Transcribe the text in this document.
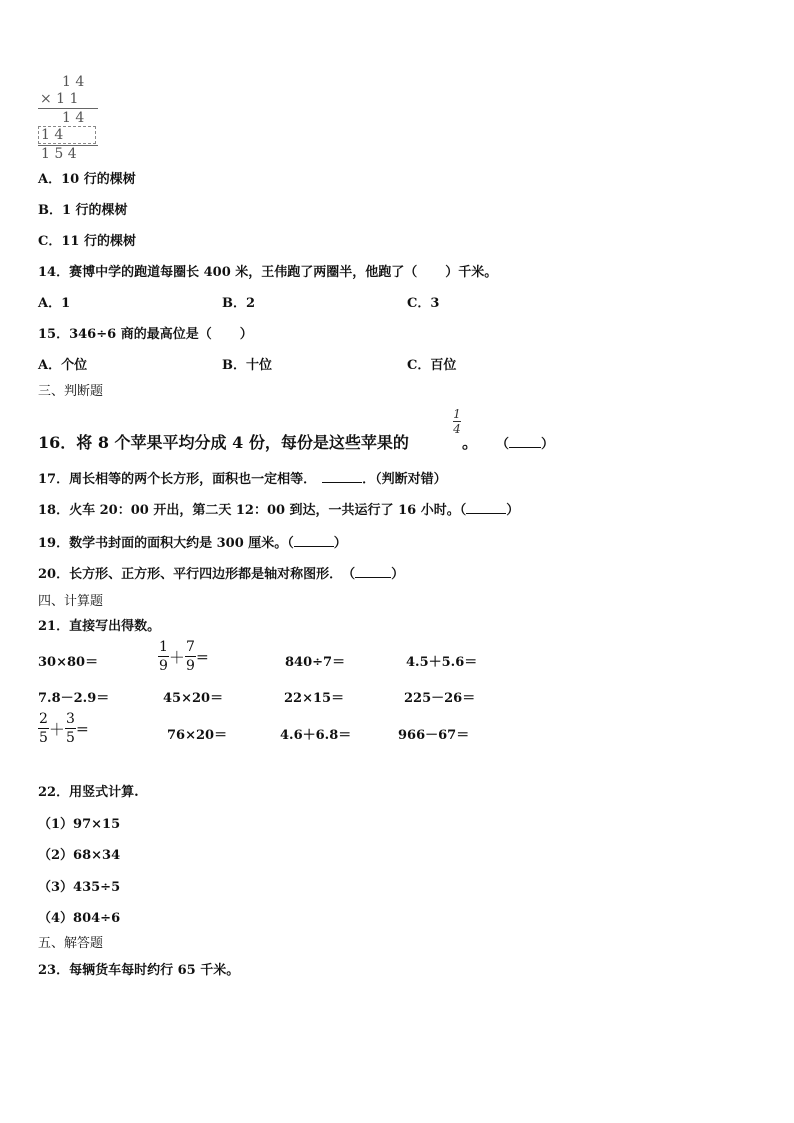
1 4
× 1 1
1 4
1 4
1 5 4
A．10 行的棵树
B．1 行的棵树
C．11 行的棵树
14．赛博中学的跑道每圈长 400 米，王伟跑了两圈半，他跑了（ ）千米。
A．1	B．2	C．3
15．346÷6 商的最高位是（ ）
A．个位	B．十位	C．百位
三、判断题
16．将 8 个苹果平均分成 4 份，每份是这些苹果的
1
4
。 （ ）
17．周长相等的两个长方形，面积也一定相等．	．（判断对错）
18．火车 20：00 开出，第二天 12：00 到达，一共运行了 16 小时。（	）
19．数学书封面的面积大约是 300 厘米。（	）
20．长方形、正方形、平行四边形都是轴对称图形．　（	）
四、计算题
21．直接写出得数。
30×80＝	$\frac{1}{9} + \frac{7}{9}$ ＝	840÷7＝	4.5＋5.6＝
7.8－2.9＝	45×20＝	22×15＝	225－26＝
$\frac{2}{5} + \frac{3}{5}$ ＝	76×20＝	4.6＋6.8＝	966－67＝
22．用竖式计算.
（1）97×15
（2）68×34
（3）435÷5
（4）804÷6
五、解答题
23．每辆货车每时约行 65 千米。
